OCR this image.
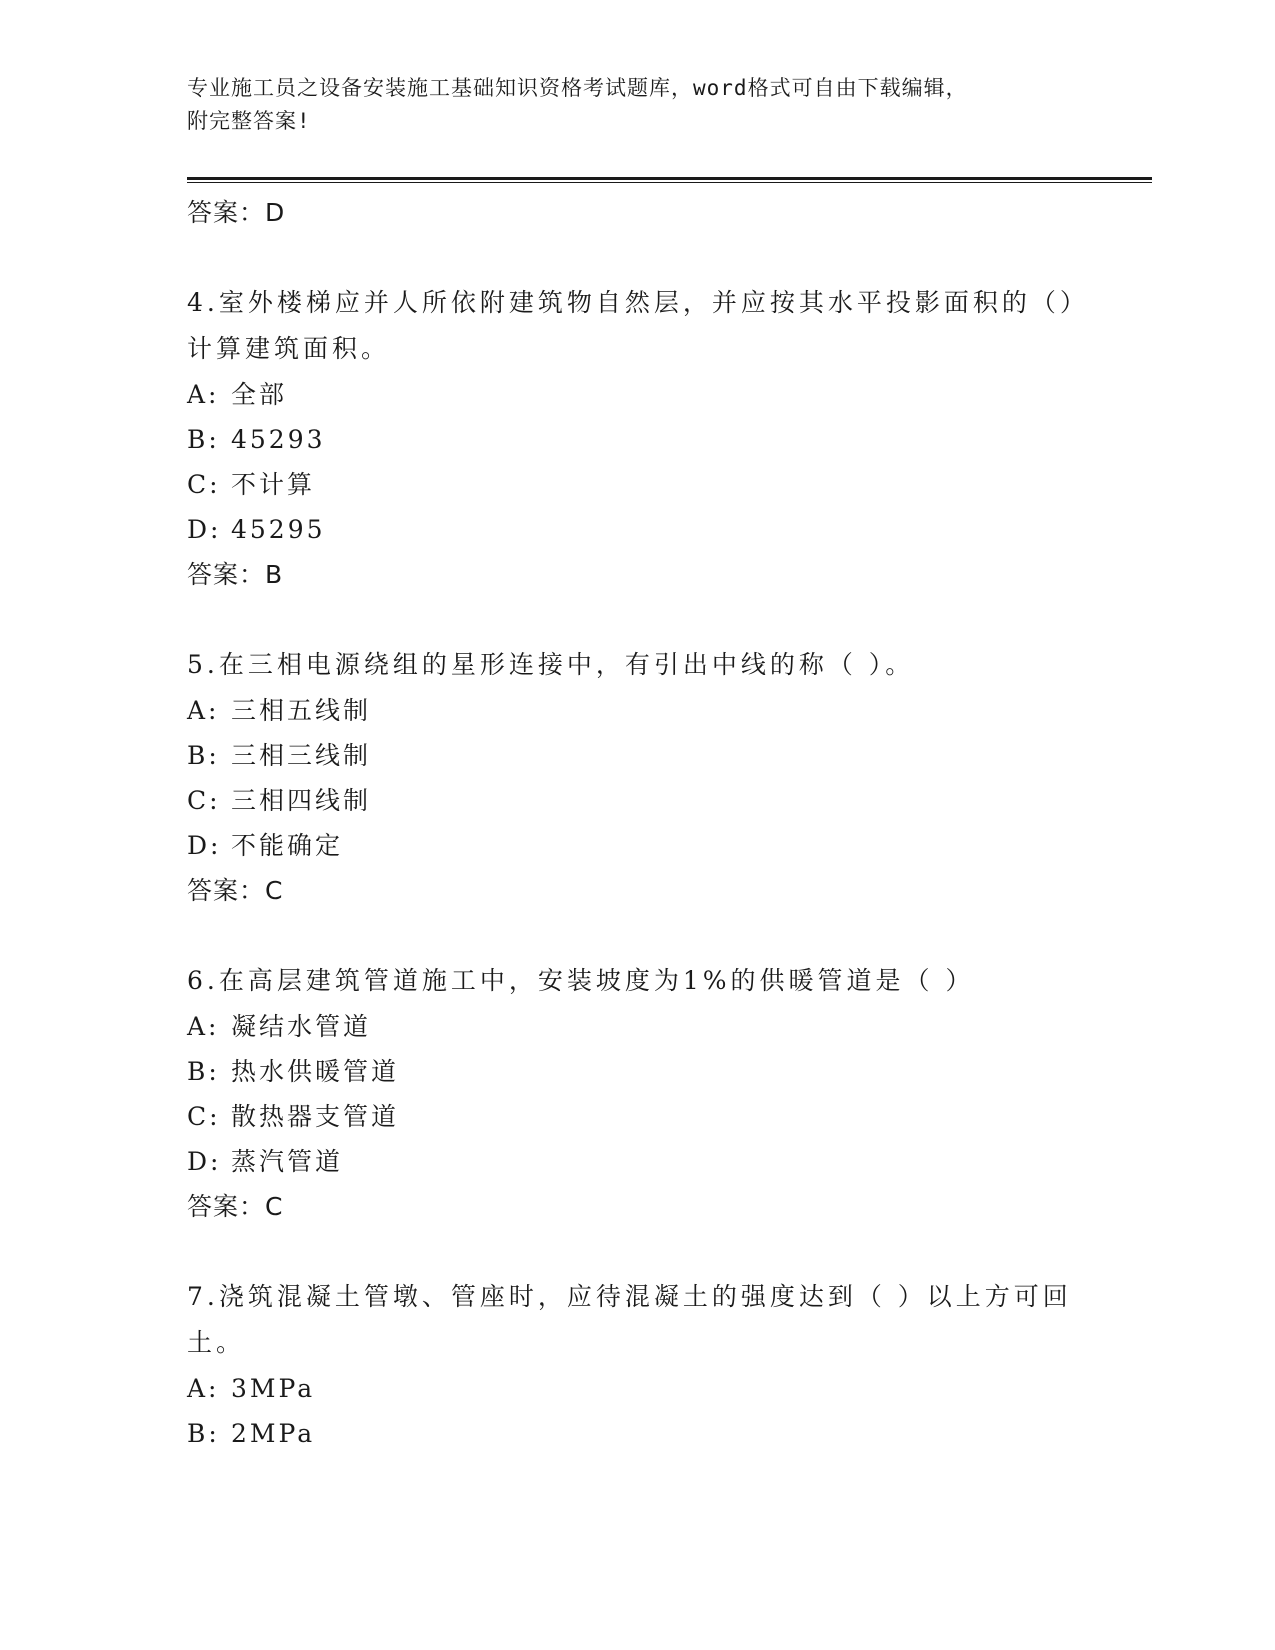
专业施工员之设备安装施工基础知识资格考试题库，word格式可自由下载编辑，
附完整答案!
答案：D

4.室外楼梯应并人所依附建筑物自然层，并应按其水平投影面积的（）计算建筑面积。

A: 全部
B: 45293
C: 不计算
D: 45295
答案：B

5.在三相电源绕组的星形连接中，有引出中线的称（ ）。

A: 三相五线制
B: 三相三线制
C: 三相四线制
D: 不能确定
答案：C

6.在高层建筑管道施工中，安装坡度为1%的供暖管道是（ ）

A: 凝结水管道
B: 热水供暖管道
C: 散热器支管道
D: 蒸汽管道
答案：C

7.浇筑混凝土管墩、管座时，应待混凝土的强度达到（ ）以上方可回土。

A: 3MPa
B: 2MPa
